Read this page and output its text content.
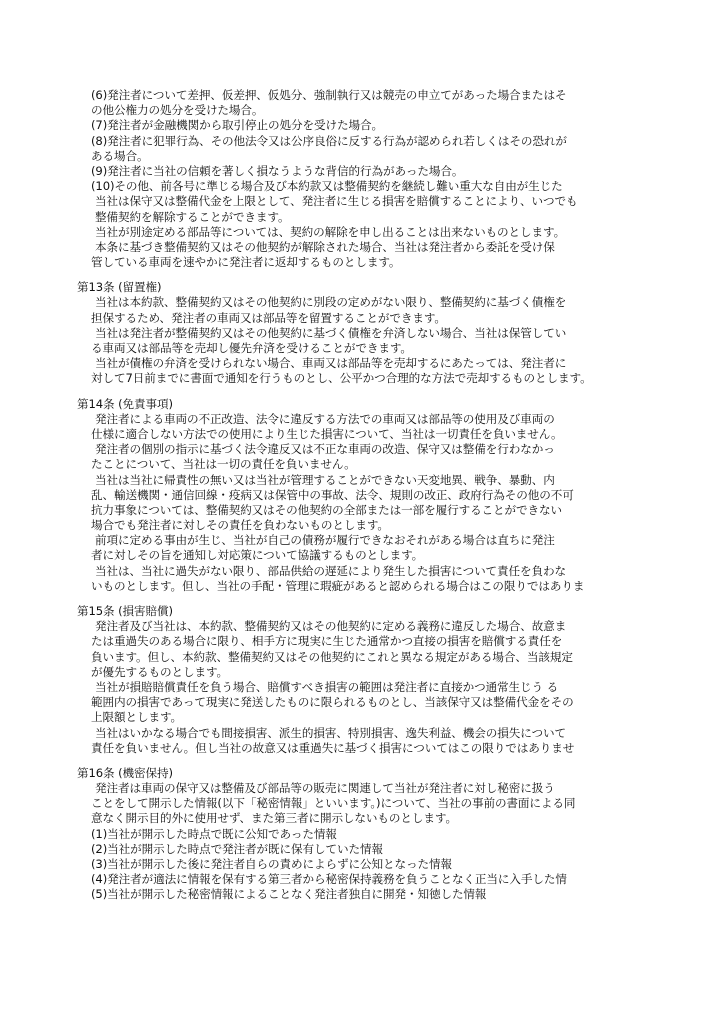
(6)発注者について差押、仮差押、仮処分、強制執行又は競売の申立てがあった場合またはそ
の他公権力の処分を受けた場合。
(7)発注者が金融機関から取引停止の処分を受けた場合。
(8)発注者に犯罪行為、その他法令又は公序良俗に反する行為が認められ若しくはその恐れが
ある場合。
(9)発注者に当社の信頼を著しく損なうような背信的行為があった場合。
(10)その他、前各号に準じる場合及び本約款又は整備契約を継続し難い重大な自由が生じた
当社は保守又は整備代金を上限として、発注者に生じる損害を賠償することにより、いつでも
整備契約を解除することができます。
当社が別途定める部品等については、契約の解除を申し出ることは出来ないものとします。
本条に基づき整備契約又はその他契約が解除された場合、当社は発注者から委託を受け保
管している車両を速やかに発注者に返却するものとします。
第13条 (留置権)
当社は本約款、整備契約又はその他契約に別段の定めがない限り、整備契約に基づく債権を
担保するため、発注者の車両又は部品等を留置することができます。
当社は発注者が整備契約又はその他契約に基づく債権を弁済しない場合、当社は保管してい
る車両又は部品等を売却し優先弁済を受けることができます。
当社が債権の弁済を受けられない場合、車両又は部品等を売却するにあたっては、発注者に
対して7日前までに書面で通知を行うものとし、公平かつ合理的な方法で売却するものとします。
第14条 (免責事項)
発注者による車両の不正改造、法令に違反する方法での車両又は部品等の使用及び車両の
仕様に適合しない方法での使用により生じた損害について、当社は一切責任を負いません。
発注者の個別の指示に基づく法令違反又は不正な車両の改造、保守又は整備を行わなかっ
たことについて、当社は一切の責任を負いません。
当社は当社に帰責性の無い又は当社が管理することができない天変地異、戦争、暴動、内
乱、輸送機関・通信回線・疫病又は保管中の事故、法令、規則の改正、政府行為その他の不可
抗力事象については、整備契約又はその他契約の全部または一部を履行することができない
場合でも発注者に対しその責任を負わないものとします。
前項に定める事由が生じ、当社が自己の債務が履行できなおそれがある場合は直ちに発注
者に対しその旨を通知し対応策について協議するものとします。
当社は、当社に過失がない限り、部品供給の遅延により発生した損害について責任を負わな
いものとします。但し、当社の手配・管理に瑕疵があると認められる場合はこの限りではありま
第15条 (損害賠償)
発注者及び当社は、本約款、整備契約又はその他契約に定める義務に違反した場合、故意ま
たは重過失のある場合に限り、相手方に現実に生じた通常かつ直接の損害を賠償する責任を
負います。但し、本約款、整備契約又はその他契約にこれと異なる規定がある場合、当該規定
が優先するものとします。
当社が損賠賠償責任を負う場合、賠償すべき損害の範囲は発注者に直接かつ通常生じう る
範囲内の損害であって現実に発送したものに限られるものとし、当該保守又は整備代金をその
上限額とします。
当社はいかなる場合でも間接損害、派生的損害、特別損害、逸失利益、機会の損失について
責任を負いません。但し当社の故意又は重過失に基づく損害についてはこの限りではありませ
第16条 (機密保持)
発注者は車両の保守又は整備及び部品等の販売に関連して当社が発注者に対し秘密に扱う
ことをして開示した情報(以下「秘密情報」といいます。)について、当社の事前の書面による同
意なく開示目的外に使用せず、また第三者に開示しないものとします。
(1)当社が開示した時点で既に公知であった情報
(2)当社が開示した時点で発注者が既に保有していた情報
(3)当社が開示した後に発注者自らの責めによらずに公知となった情報
(4)発注者が適法に情報を保有する第三者から秘密保持義務を負うことなく正当に入手した情
(5)当社が開示した秘密情報によることなく発注者独自に開発・知徳した情報
